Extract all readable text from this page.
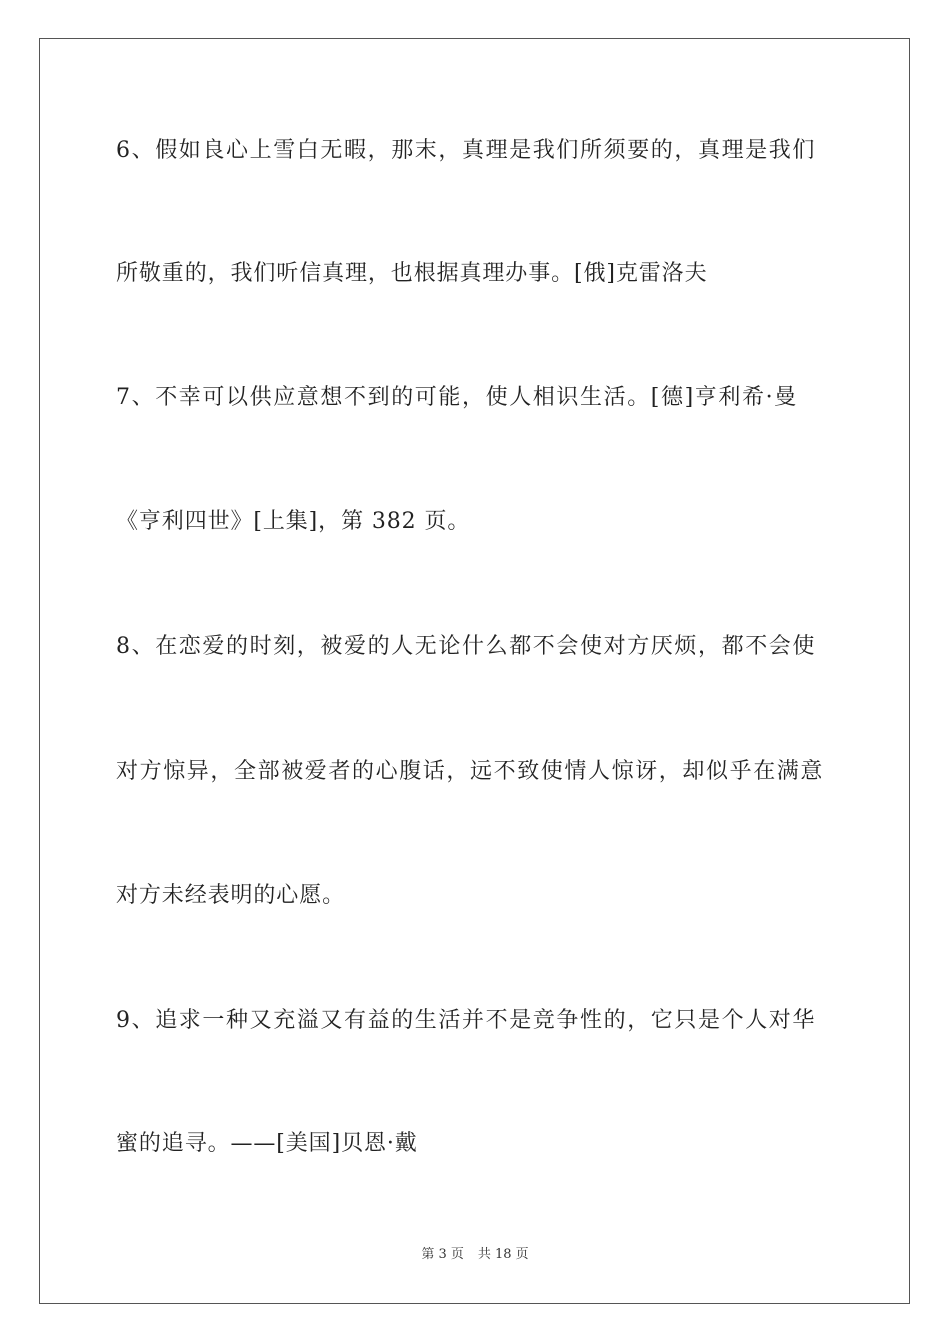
6、假如良心上雪白无暇，那末，真理是我们所须要的，真理是我们
所敬重的，我们听信真理，也根据真理办事。[俄]克雷洛夫
7、不幸可以供应意想不到的可能，使人相识生活。[德]亨利希·曼
《亨利四世》[上集]，第 382 页。
8、在恋爱的时刻，被爱的人无论什么都不会使对方厌烦，都不会使
对方惊异，全部被爱者的心腹话，远不致使情人惊讶，却似乎在满意
对方未经表明的心愿。
9、追求一种又充溢又有益的生活并不是竞争性的，它只是个人对华
蜜的追寻。——[美国]贝恩·戴
第 3 页 共 18 页
